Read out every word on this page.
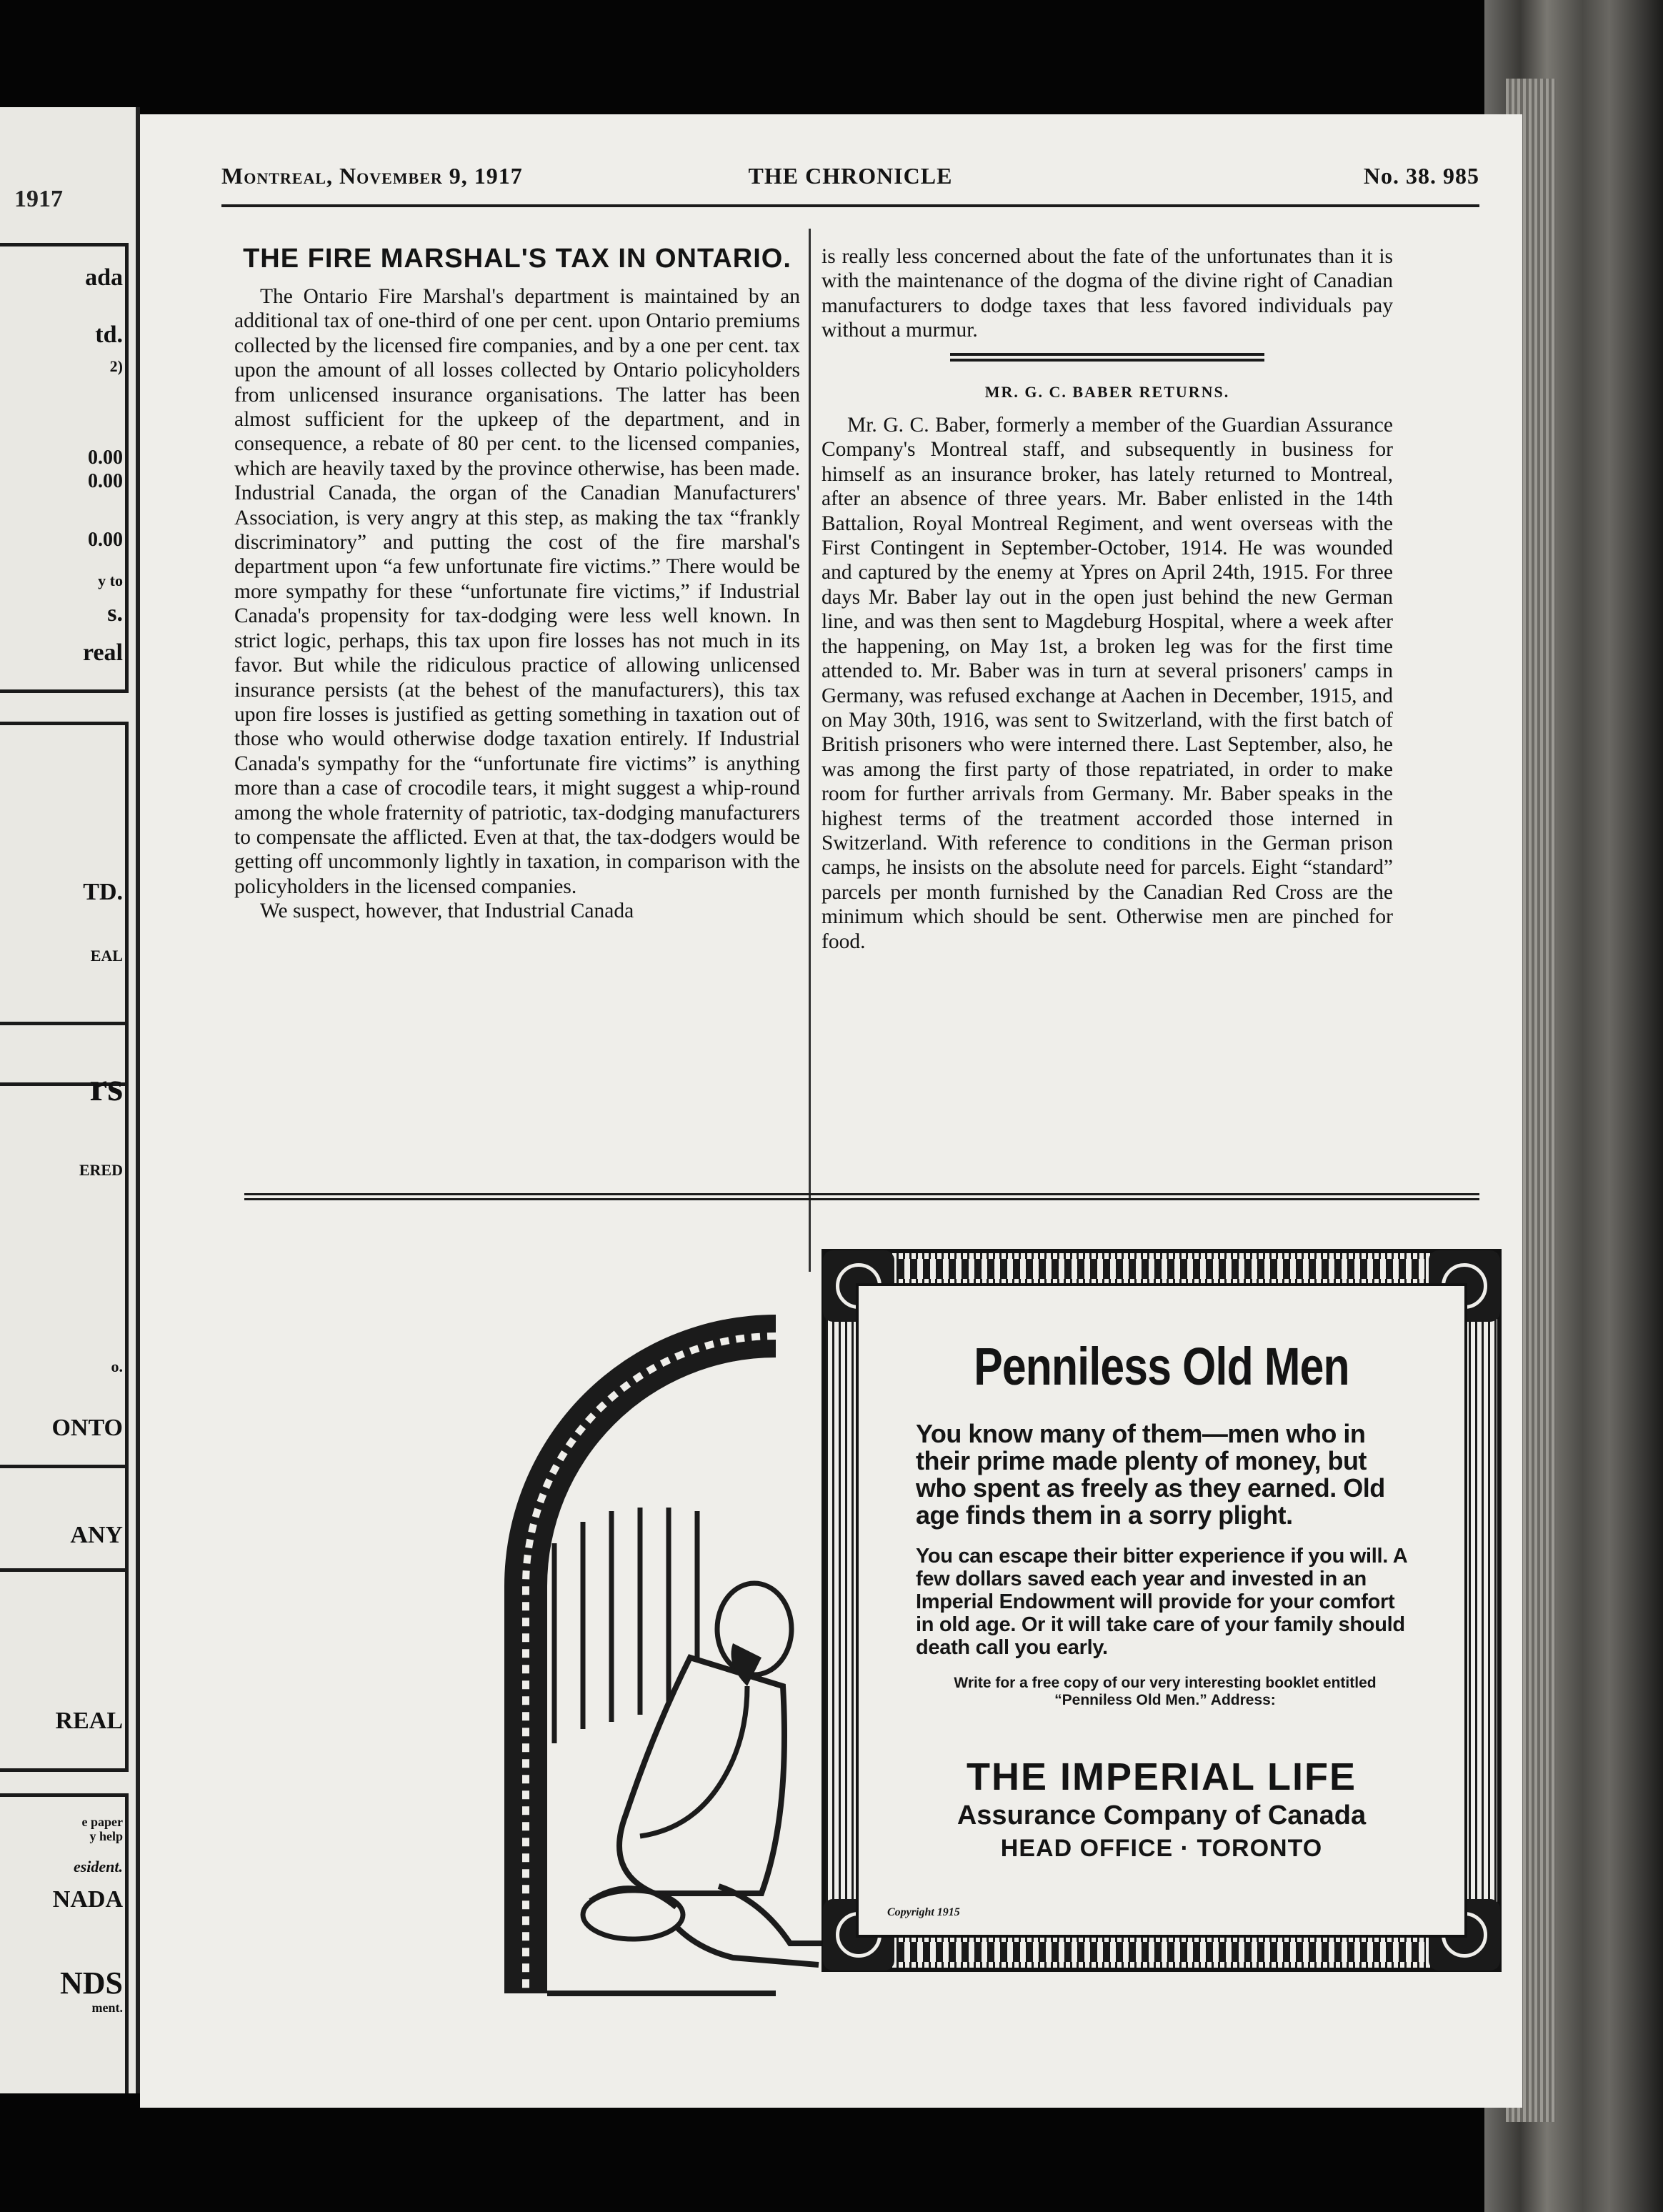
1917
ada
td.
2)
0.00
0.00
0.00
y to
s.
real
TD.
EAL
rs
ERED
o.
ONTO
ANY
REAL
e paper
y help
esident.
NADA
NDS
ment.
Montreal, November 9, 1917	THE CHRONICLE	No. 38. 985
THE FIRE MARSHAL'S TAX IN ONTARIO.

The Ontario Fire Marshal's department is maintained by an additional tax of one-third of one per cent. upon Ontario premiums collected by the licensed fire companies, and by a one per cent. tax upon the amount of all losses collected by Ontario policyholders from unlicensed insurance organisations. The latter has been almost sufficient for the upkeep of the department, and in consequence, a rebate of 80 per cent. to the licensed companies, which are heavily taxed by the province otherwise, has been made. Industrial Canada, the organ of the Canadian Manufacturers' Association, is very angry at this step, as making the tax “frankly discriminatory” and putting the cost of the fire marshal's department upon “a few unfortunate fire victims.” There would be more sympathy for these “unfortunate fire victims,” if Industrial Canada's propensity for tax-dodging were less well known. In strict logic, perhaps, this tax upon fire losses has not much in its favor. But while the ridiculous practice of allowing unlicensed insurance persists (at the behest of the manufacturers), this tax upon fire losses is justified as getting something in taxation out of those who would otherwise dodge taxation entirely. If Industrial Canada's sympathy for the “unfortunate fire victims” is anything more than a case of crocodile tears, it might suggest a whip-round among the whole fraternity of patriotic, tax-dodging manufacturers to compensate the afflicted. Even at that, the tax-dodgers would be getting off uncommonly lightly in taxation, in comparison with the policyholders in the licensed companies.

We suspect, however, that Industrial Canada

is really less concerned about the fate of the unfortunates than it is with the maintenance of the dogma of the divine right of Canadian manufacturers to dodge taxes that less favored individuals pay without a murmur.

MR. G. C. BABER RETURNS.

Mr. G. C. Baber, formerly a member of the Guardian Assurance Company's Montreal staff, and subsequently in business for himself as an insurance broker, has lately returned to Montreal, after an absence of three years. Mr. Baber enlisted in the 14th Battalion, Royal Montreal Regiment, and went overseas with the First Contingent in September-October, 1914. He was wounded and captured by the enemy at Ypres on April 24th, 1915. For three days Mr. Baber lay out in the open just behind the new German line, and was then sent to Magdeburg Hospital, where a week after the happening, on May 1st, a broken leg was for the first time attended to. Mr. Baber was in turn at several prisoners' camps in Germany, was refused exchange at Aachen in December, 1915, and on May 30th, 1916, was sent to Switzerland, with the first batch of British prisoners who were interned there. Last September, also, he was among the first party of those repatriated, in order to make room for further arrivals from Germany. Mr. Baber speaks in the highest terms of the treatment accorded those interned in Switzerland. With reference to conditions in the German prison camps, he insists on the absolute need for parcels. Eight “standard” parcels per month furnished by the Canadian Red Cross are the minimum which should be sent. Otherwise men are pinched for food.

Penniless Old Men

You know many of them—men who in their prime made plenty of money, but who spent as freely as they earned. Old age finds them in a sorry plight.

You can escape their bitter experience if you will. A few dollars saved each year and invested in an Imperial Endowment will provide for your comfort in old age. Or it will take care of your family should death call you early.

Write for a free copy of our very interesting booklet entitled “Penniless Old Men.” Address:

THE IMPERIAL LIFE
Assurance Company of Canada
HEAD OFFICE · TORONTO
Copyright 1915
